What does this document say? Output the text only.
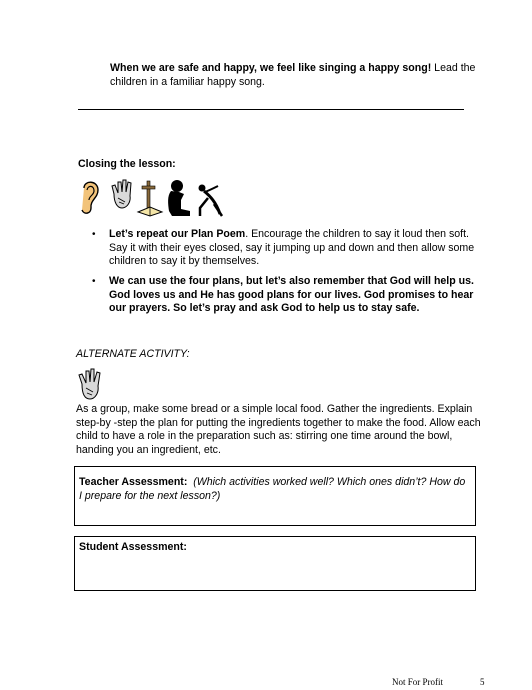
When we are safe and happy, we feel like singing a happy song! Lead the children in a familiar happy song.
Closing the lesson:
• Let’s repeat our Plan Poem. Encourage the children to say it loud then soft. Say it with their eyes closed, say it jumping up and down and then allow some children to say it by themselves.
• We can use the four plans, but let’s also remember that God will help us. God loves us and He has good plans for our lives. God promises to hear our prayers. So let’s pray and ask God to help us to stay safe.
ALTERNATE ACTIVITY:
As a group, make some bread or a simple local food. Gather the ingredients. Explain step-by -step the plan for putting the ingredients together to make the food. Allow each child to have a role in the preparation such as: stirring one time around the bowl, handing you an ingredient, etc.
Teacher Assessment: (Which activities worked well? Which ones didn’t? How do I prepare for the next lesson?)
Student Assessment:
Not For Profit	5
